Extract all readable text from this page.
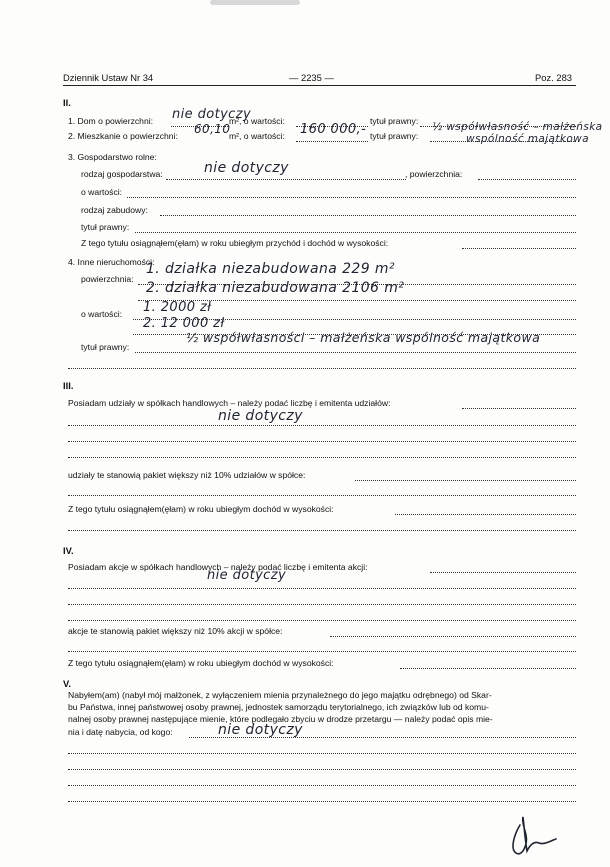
Dziennik Ustaw Nr 34	— 2235 —	Poz. 283
II.
1. Dom o powierzchni: nie dotyczy
m², o wartości:	tytuł prawny:
2. Mieszkanie o powierzchni: 60,10
m², o wartości: 160 000,- tytuł prawny:
½ współwłasność – małżeńska
wspólność majątkowa
3. Gospodarstwo rolne:
rodzaj gospodarstwa:	nie dotyczy	, powierzchnia:
o wartości:
rodzaj zabudowy:
tytuł prawny:
Z tego tytułu osiągnąłem(ęłam) w roku ubiegłym przychód i dochód w wysokości:
4. Inne nieruchomości:
powierzchnia:
1. działka niezabudowana 229 m²
2. działka niezabudowana 2106 m²
o wartości: 1. 2000 zł
2. 12 000 zł
tytuł prawny:
½ współwłasności – małżeńska wspólność majątkowa
III.
Posiadam udziały w spółkach handlowych – należy podać liczbę i emitenta udziałów:
nie dotyczy
udziały te stanowią pakiet większy niż 10% udziałów w spółce:
Z tego tytułu osiągnąłem(ęłam) w roku ubiegłym dochód w wysokości:
IV.
Posiadam akcje w spółkach handlowych – należy podać liczbę i emitenta akcji:
nie dotyczy
akcje te stanowią pakiet większy niż 10% akcji w spółce:
Z tego tytułu osiągnąłem(ęłam) w roku ubiegłym dochód w wysokości:
V.
Nabyłem(am) (nabył mój małżonek, z wyłączeniem mienia przynależnego do jego majątku odrębnego) od Skar-
bu Państwa, innej państwowej osoby prawnej, jednostek samorządu terytorialnego, ich związków lub od komu-
nalnej osoby prawnej następujące mienie, które podlegało zbyciu w drodze przetargu — należy podać opis mie-
nia i datę nabycia, od kogo:	nie dotyczy
